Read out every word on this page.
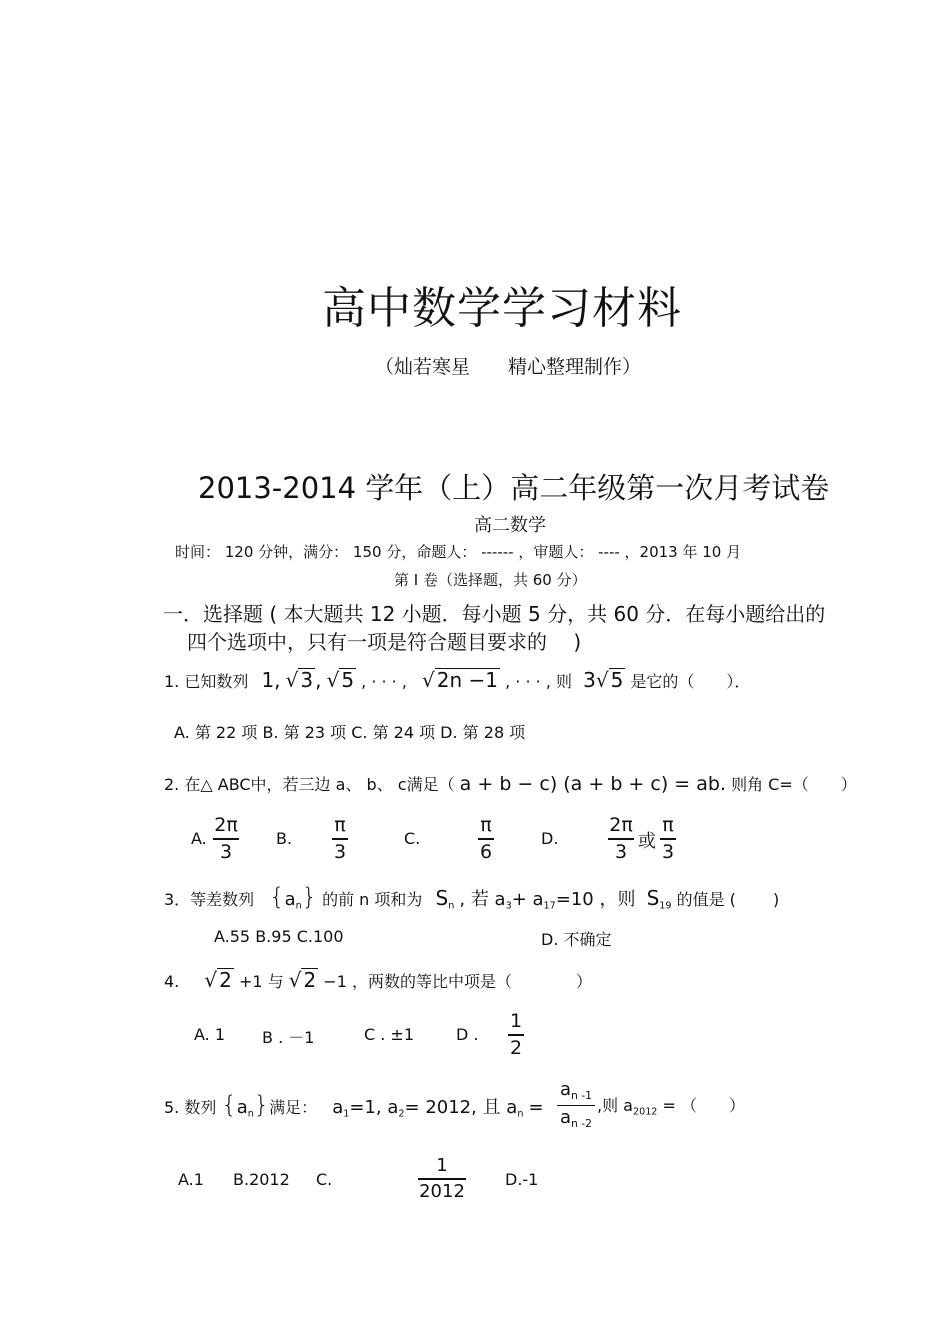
高中数学学习材料
（灿若寒星　　精心整理制作）
2013-2014 学年（上）高二年级第一次月考试卷
高二数学
时间： 120 分钟，满分： 150 分，命题人： ------ ，审题人： ---- ，2013 年 10 月
第 I 卷（选择题，共 60 分）
一．选择题 ( 本大题共 12 小题．每小题 5 分，共 60 分．在每小题给出的
四个选项中，只有一项是符合题目要求的　 )
1. 已知数列 1, √ 3 , √ 5 , · · · , √ 2n −1 , · · · , 则 3√ 5 是它的（　　）．
A. 第 22 项 B. 第 23 项 C. 第 24 项 D. 第 28 项
2. 在△ ABC中，若三边 a、 b、 c满足（ a + b − c) (a + b + c) = ab. 则角 C=（　　）
A.
2π
3
B.
π
3
C.
π
6
D.
2π
3 或
π
3
3．等差数列 $\{a_n\}$ 的前 n 项和为 $S_n$ , 若 $a_3+ a_{17}=10$ ，则 $S_{19}$ 的值是 (　　 )
A.55 B.95 C.100	D. 不确定
4. √ 2 +1 与 √ 2 −1 ，两数的等比中项是（　　　　）
A. 1 B . －1	C . ±1	D .
1
2
5. 数列 $\{a_n\}$满足： $a_1=1$, $a_2= 2012$, 且 $a_n$ =
$a_{n -1}$
$a_{n -2}$
,则 $a_{2012}$ = （　　）
A.1 B.2012 C.
1
2012
D.-1
